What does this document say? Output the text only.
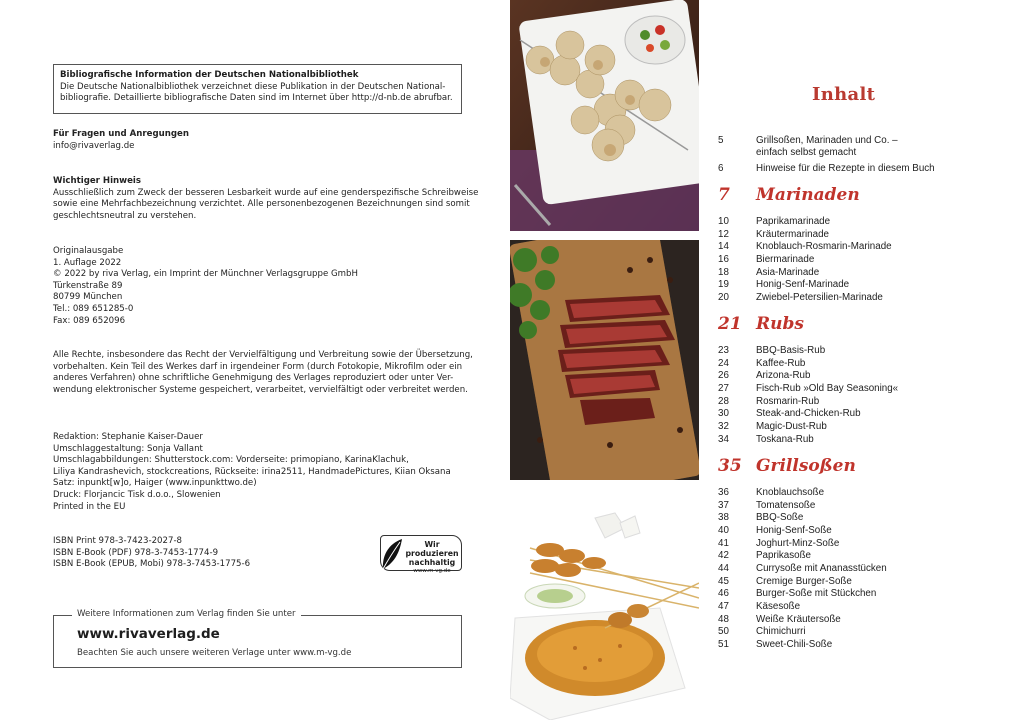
Bibliografische Information der Deutschen Nationalbibliothek
Die Deutsche Nationalbibliothek verzeichnet diese Publikation in der Deutschen National-
bibliografie. Detaillierte bibliografische Daten sind im Internet über http://d-nb.de abrufbar.
Für Fragen und Anregungen
info@rivaverlag.de
Wichtiger Hinweis
Ausschließlich zum Zweck der besseren Lesbarkeit wurde auf eine genderspezifische Schreibweise
sowie eine Mehrfachbezeichnung verzichtet. Alle personenbezogenen Bezeichnungen sind somit
geschlechtsneutral zu verstehen.
Originalausgabe
1. Auflage 2022
© 2022 by riva Verlag, ein Imprint der Münchner Verlagsgruppe GmbH
Türkenstraße 89
80799 München
Tel.: 089 651285-0
Fax: 089 652096
Alle Rechte, insbesondere das Recht der Vervielfältigung und Verbreitung sowie der Übersetzung,
vorbehalten. Kein Teil des Werkes darf in irgendeiner Form (durch Fotokopie, Mikrofilm oder ein
anderes Verfahren) ohne schriftliche Genehmigung des Verlages reproduziert oder unter Ver-
wendung elektronischer Systeme gespeichert, verarbeitet, vervielfältigt oder verbreitet werden.
Redaktion: Stephanie Kaiser-Dauer
Umschlaggestaltung: Sonja Vallant
Umschlagabbildungen: Shutterstock.com: Vorderseite: primopiano, KarinaKlachuk,
Liliya Kandrashevich, stockcreations, Rückseite: irina2511, HandmadePictures, Kiian Oksana
Satz: inpunkt[w]o, Haiger (www.inpunkttwo.de)
Druck: Florjancic Tisk d.o.o., Slowenien
Printed in the EU
ISBN Print 978-3-7423-2027-8
ISBN E-Book (PDF) 978-3-7453-1774-9
ISBN E-Book (EPUB, Mobi) 978-3-7453-1775-6
Wir produzieren
nachhaltig
www.m-vg.de
Weitere Informationen zum Verlag finden Sie unter
www.rivaverlag.de
Beachten Sie auch unsere weiteren Verlage unter www.m-vg.de
Inhalt
5	Grillsoßen, Marinaden und Co. –
einfach selbst gemacht
6	Hinweise für die Rezepte in diesem Buch
7 Marinaden
10	Paprikamarinade
12	Kräutermarinade
14	Knoblauch-Rosmarin-Marinade
16	Biermarinade
18	Asia-Marinade
19	Honig-Senf-Marinade
20	Zwiebel-Petersilien-Marinade
21 Rubs
23	BBQ-Basis-Rub
24	Kaffee-Rub
26	Arizona-Rub
27	Fisch-Rub »Old Bay Seasoning«
28	Rosmarin-Rub
30	Steak-and-Chicken-Rub
32	Magic-Dust-Rub
34	Toskana-Rub
35 Grillsoßen
36	Knoblauchsoße
37	Tomatensoße
38	BBQ-Soße
40	Honig-Senf-Soße
41	Joghurt-Minz-Soße
42	Paprikasoße
44	Currysoße mit Ananasstücken
45	Cremige Burger-Soße
46	Burger-Soße mit Stückchen
47	Käsesoße
48	Weiße Kräutersoße
50	Chimichurri
51	Sweet-Chili-Soße
